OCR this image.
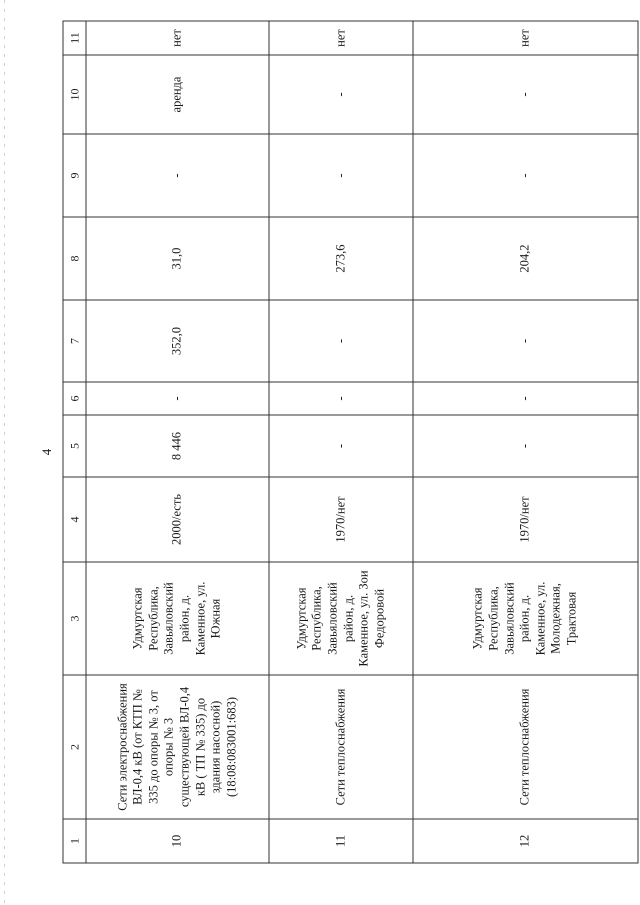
4
1	2	3	4	5	6	7	8	9	10	11
10	Сети электроснабжения ВЛ-0,4 кВ (от КТП № 335 до опоры № 3, от опоры № 3 существующей ВЛ-0,4 кВ ( ТП № 335) до здания насосной) (18:08:083001:683)	Удмуртская Республика, Завьяловский район, д. Каменное, ул. Южная	2000/есть	8 446	-	352,0	31,0	-	аренда	нет
11	Сети теплоснабжения	Удмуртская Республика, Завьяловский район, д. Каменное, ул. Зои Федоровой	1970/нет	-	-	-	273,6	-	-	нет
12	Сети теплоснабжения	Удмуртская Республика, Завьяловский район, д. Каменное, ул. Молодежная, Трактовая	1970/нет	-	-	-	204,2	-	-	нет
